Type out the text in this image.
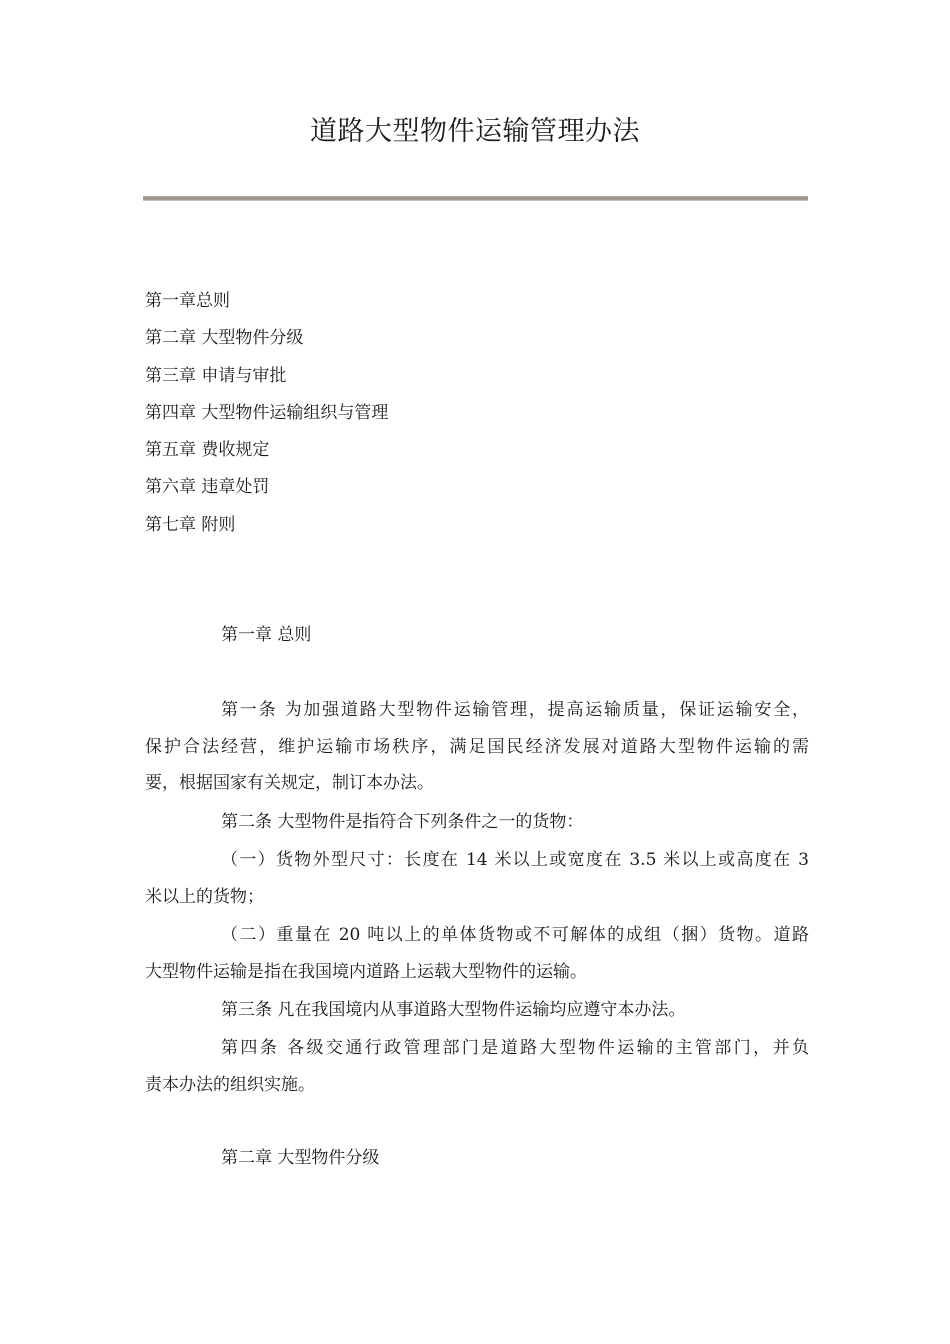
道路大型物件运输管理办法
第一章总则
第二章 大型物件分级
第三章 申请与审批
第四章 大型物件运输组织与管理
第五章 费收规定
第六章 违章处罚
第七章 附则
第一章 总则
第一条 为加强道路大型物件运输管理，提高运输质量，保证运输安全，
保护合法经营，维护运输市场秩序，满足国民经济发展对道路大型物件运输的需
要，根据国家有关规定，制订本办法。
第二条 大型物件是指符合下列条件之一的货物：
（一）货物外型尺寸：长度在 14 米以上或宽度在 3.5 米以上或高度在 3
米以上的货物；
（二）重量在 20 吨以上的单体货物或不可解体的成组（捆）货物。道路
大型物件运输是指在我国境内道路上运载大型物件的运输。
第三条 凡在我国境内从事道路大型物件运输均应遵守本办法。
第四条 各级交通行政管理部门是道路大型物件运输的主管部门，并负
责本办法的组织实施。
第二章 大型物件分级
